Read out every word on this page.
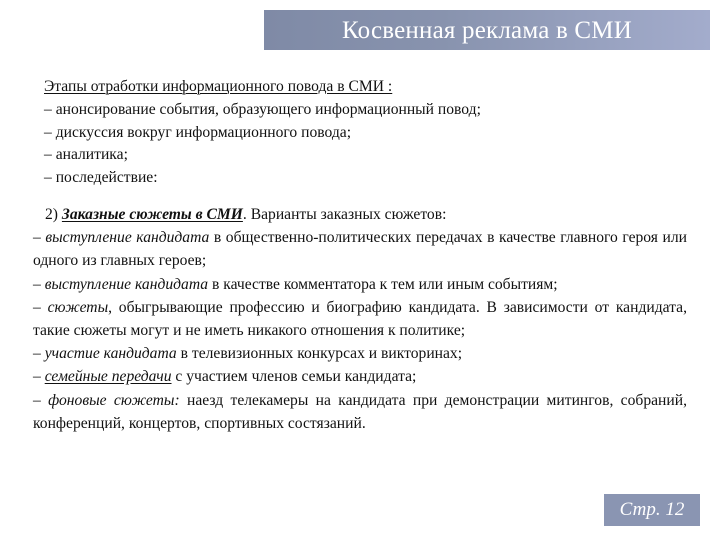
Косвенная реклама в СМИ
Этапы отработки информационного повода в СМИ :
– анонсирование события, образующего информационный повод;
– дискуссия вокруг информационного повода;
– аналитика;
– последействие:
2) Заказные сюжеты в СМИ. Варианты заказных сюжетов:
– выступление кандидата в общественно-политических передачах в качестве главного героя или одного из главных героев;
– выступление кандидата в качестве комментатора к тем или иным событиям;
– сюжеты, обыгрывающие профессию и биографию кандидата. В зависимости от кандидата, такие сюжеты могут и не иметь никакого отношения к политике;
– участие кандидата в телевизионных конкурсах и викторинах;
– семейные передачи с участием членов семьи кандидата;
– фоновые сюжеты: наезд телекамеры на кандидата при демонстрации митингов, собраний, конференций, концертов, спортивных состязаний.
Стр. 12
